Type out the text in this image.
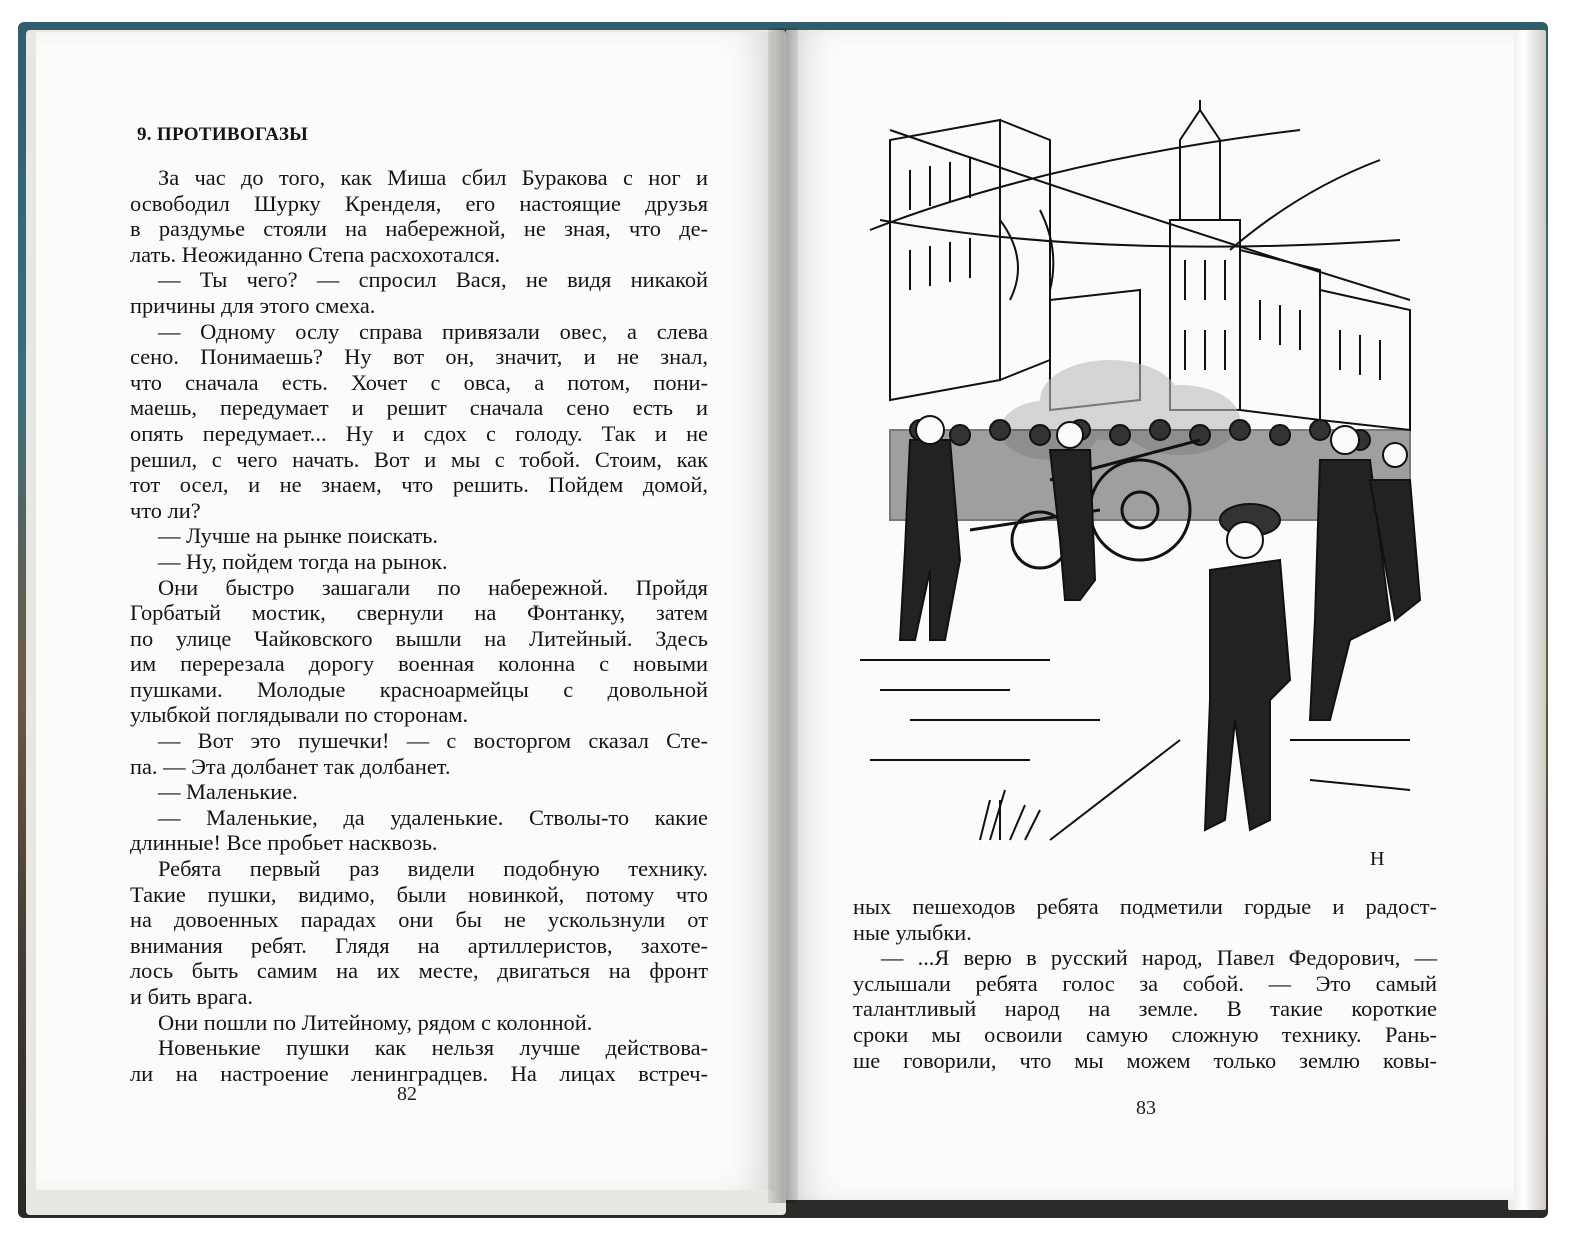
9. ПРОТИВОГАЗЫ
За час до того, как Миша сбил Буракова с ног и
освободил Шурку Кренделя, его настоящие друзья
в раздумье стояли на набережной, не зная, что де-
лать. Неожиданно Степа расхохотался.
— Ты чего? — спросил Вася, не видя никакой
причины для этого смеха.
— Одному ослу справа привязали овес, а слева
сено. Понимаешь? Ну вот он, значит, и не знал,
что сначала есть. Хочет с овса, а потом, пони-
маешь, передумает и решит сначала сено есть и
опять передумает... Ну и сдох с голоду. Так и не
решил, с чего начать. Вот и мы с тобой. Стоим, как
тот осел, и не знаем, что решить. Пойдем домой,
что ли?
— Лучше на рынке поискать.
— Ну, пойдем тогда на рынок.
Они быстро зашагали по набережной. Пройдя
Горбатый мостик, свернули на Фонтанку, затем
по улице Чайковского вышли на Литейный. Здесь
им перерезала дорогу военная колонна с новыми
пушками. Молодые красноармейцы с довольной
улыбкой поглядывали по сторонам.
— Вот это пушечки! — с восторгом сказал Сте-
па. — Эта долбанет так долбанет.
— Маленькие.
— Маленькие, да удаленькие. Стволы-то какие
длинные! Все пробьет насквозь.
Ребята первый раз видели подобную технику.
Такие пушки, видимо, были новинкой, потому что
на довоенных парадах они бы не ускользнули от
внимания ребят. Глядя на артиллеристов, захоте-
лось быть самим на их месте, двигаться на фронт
и бить врага.
Они пошли по Литейному, рядом с колонной.
Новенькие пушки как нельзя лучше действова-
ли на настроение ленинградцев. На лицах встреч-
82
Н
ных пешеходов ребята подметили гордые и радост-
ные улыбки.
— ...Я верю в русский народ, Павел Федорович, —
услышали ребята голос за собой. — Это самый
талантливый народ на земле. В такие короткие
сроки мы освоили самую сложную технику. Рань-
ше говорили, что мы можем только землю ковы-
83
